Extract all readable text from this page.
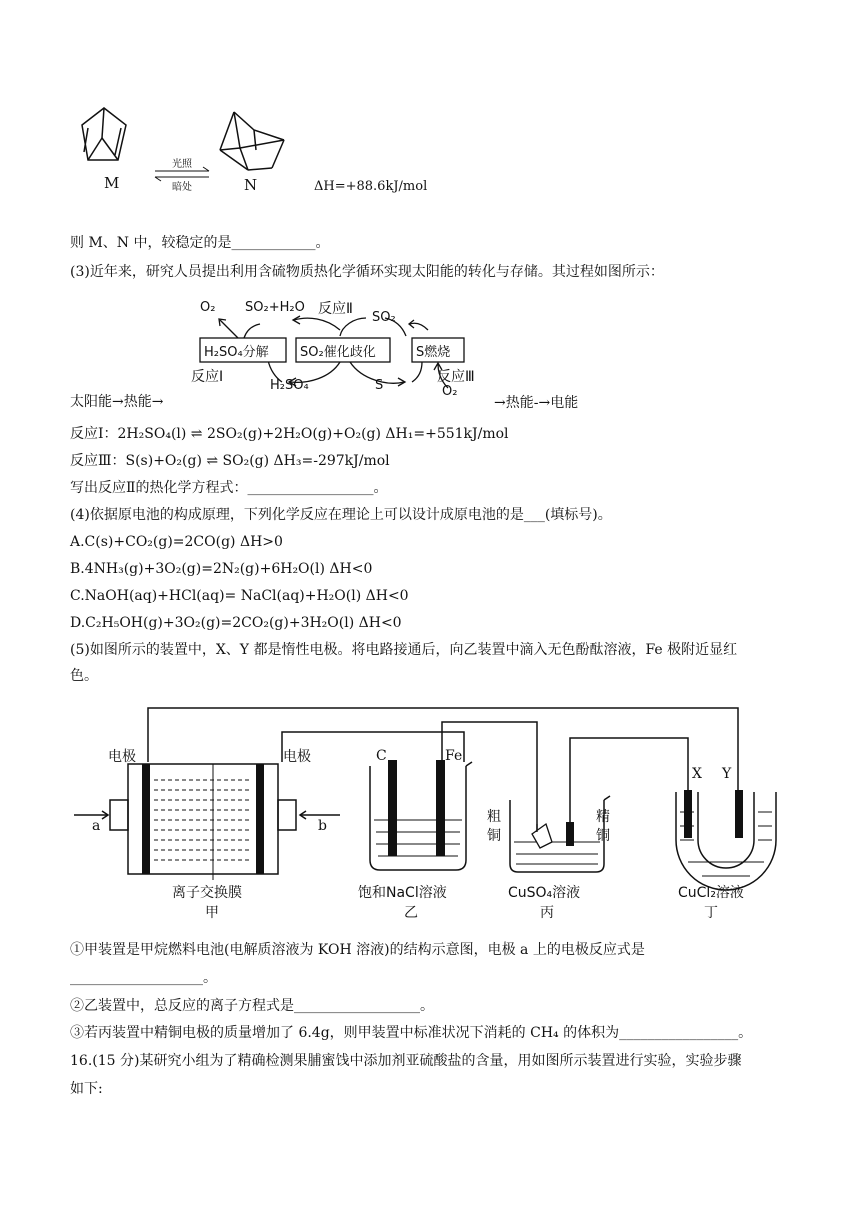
M
光照
暗处	N	ΔH=+88.6kJ/mol
则 M、N 中，较稳定的是____________。
(3)近年来，研究人员提出利用含硫物质热化学循环实现太阳能的转化与存储。其过程如图所示：
O₂ SO₂+H₂O 反应Ⅱ
SO₂
H₂SO₄分解 SO₂催化歧化	S燃烧
反应Ⅰ
H₂SO₄	S
反应Ⅲ
O₂
太阳能→热能→	→热能-→电能
反应Ⅰ：2H₂SO₄(l) ⇌ 2SO₂(g)+2H₂O(g)+O₂(g) ΔH₁=+551kJ/mol
反应Ⅲ：S(s)+O₂(g) ⇌ SO₂(g) ΔH₃=-297kJ/mol
写出反应Ⅱ的热化学方程式：__________________。
(4)依据原电池的构成原理，下列化学反应在理论上可以设计成原电池的是___(填标号)。
A.C(s)+CO₂(g)=2CO(g) ΔH>0
B.4NH₃(g)+3O₂(g)=2N₂(g)+6H₂O(l) ΔH<0
C.NaOH(aq)+HCl(aq)= NaCl(aq)+H₂O(l) ΔH<0
D.C₂H₅OH(g)+3O₂(g)=2CO₂(g)+3H₂O(l) ΔH<0
(5)如图所示的装置中，X、Y 都是惰性电极。将电路接通后，向乙装置中滴入无色酚酞溶液，Fe 极附近显红
色。
电极	电极
a	b
离子交换膜
甲
C	Fe
饱和NaCl溶液
乙
粗
铜
精
铜
CuSO₄溶液
丙
X Y
CuCl₂溶液
丁
①甲装置是甲烷燃料电池(电解质溶液为 KOH 溶液)的结构示意图，电极 a 上的电极反应式是
___________________。
②乙装置中，总反应的离子方程式是__________________。
③若丙装置中精铜电极的质量增加了 6.4g，则甲装置中标准状况下消耗的 CH₄ 的体积为_________________。
16.(15 分)某研究小组为了精确检测果脯蜜饯中添加剂亚硫酸盐的含量，用如图所示装置进行实验，实验步骤
如下:
